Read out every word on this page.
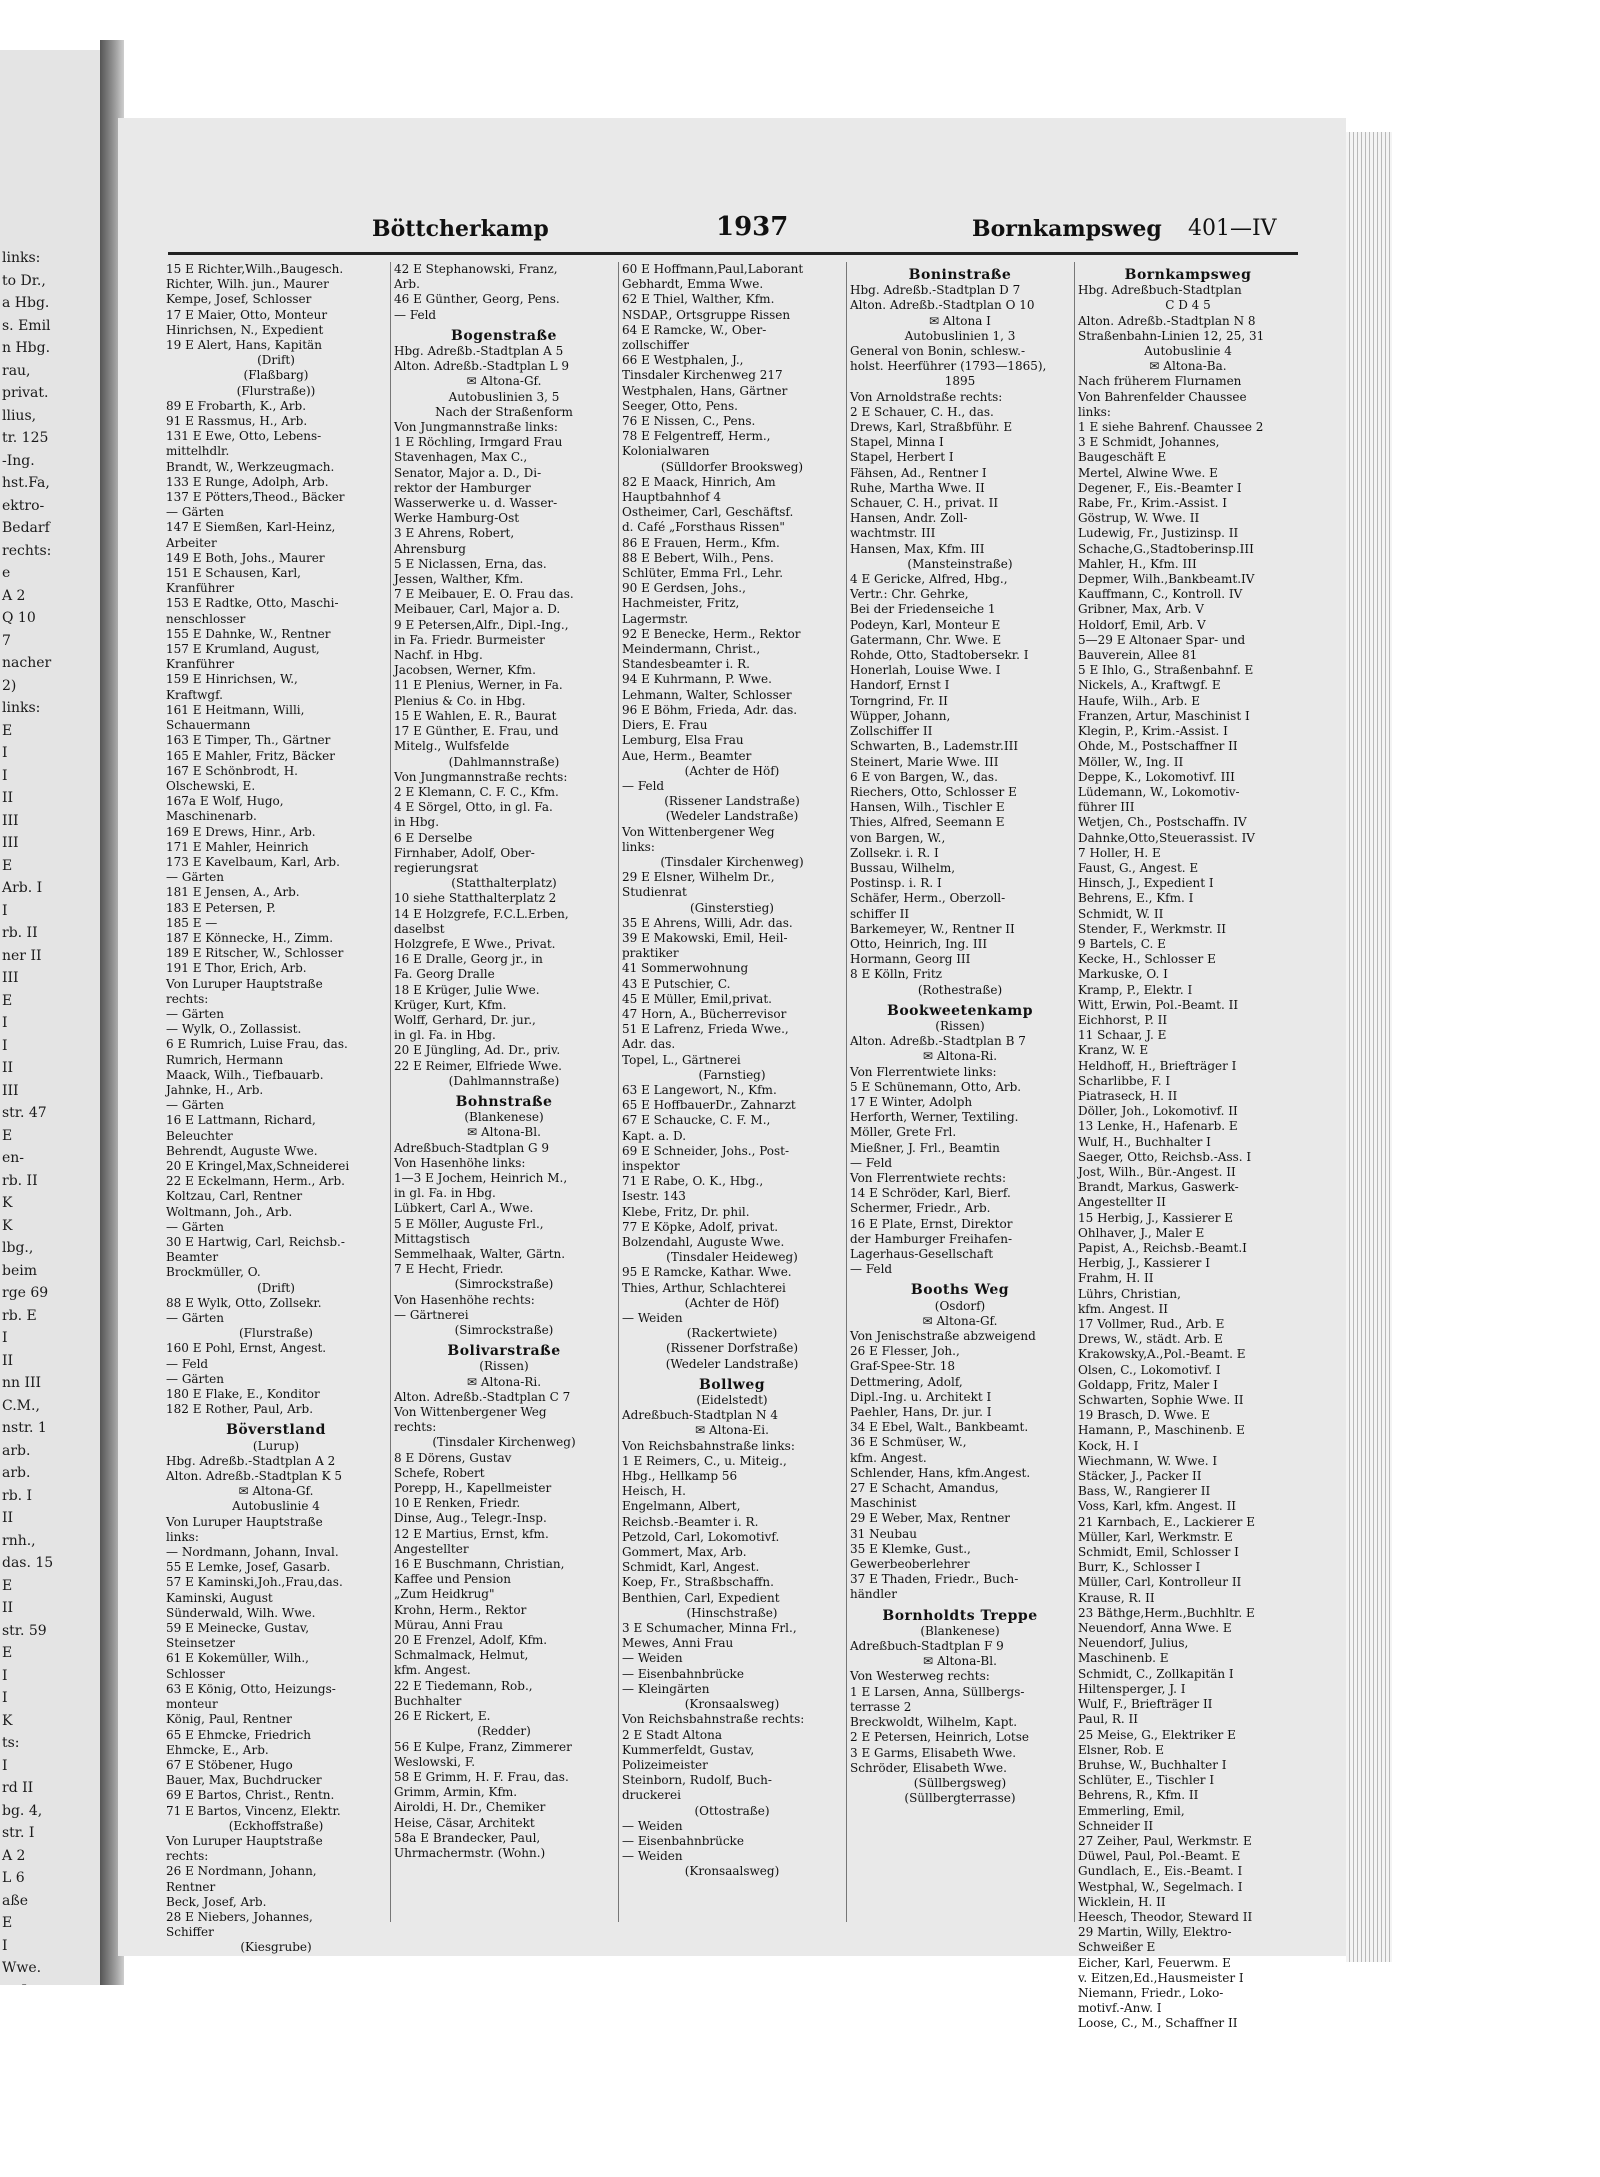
links:
to Dr.,
a Hbg.
s. Emil
n Hbg.
rau,
privat.
llius,
tr. 125
-Ing.
hst.Fa,
ektro-
Bedarf
rechts:
e
A 2
Q 10
7
nacher
2)
links:
E
I
I
II
III
III
E
Arb. I
I
rb. II
ner II
III
E
I
I
II
III
str. 47
E
en-
rb. II
K
K
lbg.,
beim
rge 69
rb. E
I
II
nn III
C.M.,
nstr. 1
arb.
arb.
rb. I
II
rnh.,
das. 15
E
II
str. 59
E
I
I
K
ts:
I
rd II
bg. 4,
str. I
A 2
L 6
aße
E
I
Wwe.
Böttcherkamp	1937	Bornkampsweg 401—IV
15 E Richter,Wilh.,Baugesch.
Richter, Wilh. jun., Maurer
Kempe, Josef, Schlosser
17 E Maier, Otto, Monteur
Hinrichsen, N., Expedient
19 E Alert, Hans, Kapitän
(Drift)
(Flaßbarg)
(Flurstraße))
89 E Frobarth, K., Arb.
91 E Rassmus, H., Arb.
131 E Ewe, Otto, Lebens-
mittelhdlr.
Brandt, W., Werkzeugmach.
133 E Runge, Adolph, Arb.
137 E Pötters,Theod., Bäcker
— Gärten
147 E Siemßen, Karl-Heinz,
Arbeiter
149 E Both, Johs., Maurer
151 E Schausen, Karl,
Kranführer
153 E Radtke, Otto, Maschi-
nenschlosser
155 E Dahnke, W., Rentner
157 E Krumland, August,
Kranführer
159 E Hinrichsen, W.,
Kraftwgf.
161 E Heitmann, Willi,
Schauermann
163 E Timper, Th., Gärtner
165 E Mahler, Fritz, Bäcker
167 E Schönbrodt, H.
Olschewski, E.
167a E Wolf, Hugo,
Maschinenarb.
169 E Drews, Hinr., Arb.
171 E Mahler, Heinrich
173 E Kavelbaum, Karl, Arb.
— Gärten
181 E Jensen, A., Arb.
183 E Petersen, P.
185 E —
187 E Könnecke, H., Zimm.
189 E Ritscher, W., Schlosser
191 E Thor, Erich, Arb.
Von Luruper Hauptstraße
rechts:
— Gärten
— Wylk, O., Zollassist.
6 E Rumrich, Luise Frau, das.
Rumrich, Hermann
Maack, Wilh., Tiefbauarb.
Jahnke, H., Arb.
— Gärten
16 E Lattmann, Richard,
Beleuchter
Behrendt, Auguste Wwe.
20 E Kringel,Max,Schneiderei
22 E Eckelmann, Herm., Arb.
Koltzau, Carl, Rentner
Woltmann, Joh., Arb.
— Gärten
30 E Hartwig, Carl, Reichsb.-
Beamter
Brockmüller, O.
(Drift)
88 E Wylk, Otto, Zollsekr.
— Gärten
(Flurstraße)
160 E Pohl, Ernst, Angest.
— Feld
— Gärten
180 E Flake, E., Konditor
182 E Rother, Paul, Arb.
Böverstland
(Lurup)
Hbg. Adreßb.-Stadtplan A 2
Alton. Adreßb.-Stadtplan K 5
✉ Altona-Gf.
Autobuslinie 4
Von Luruper Hauptstraße
links:
— Nordmann, Johann, Inval.
55 E Lemke, Josef, Gasarb.
57 E Kaminski,Joh.,Frau,das.
Kaminski, August
Sünderwald, Wilh. Wwe.
59 E Meinecke, Gustav,
Steinsetzer
61 E Kokemüller, Wilh.,
Schlosser
63 E König, Otto, Heizungs-
monteur
König, Paul, Rentner
65 E Ehmcke, Friedrich
Ehmcke, E., Arb.
67 E Stöbener, Hugo
Bauer, Max, Buchdrucker
69 E Bartos, Christ., Rentn.
71 E Bartos, Vincenz, Elektr.
(Eckhoffstraße)
Von Luruper Hauptstraße
rechts:
26 E Nordmann, Johann,
Rentner
Beck, Josef, Arb.
28 E Niebers, Johannes,
Schiffer
(Kiesgrube)
42 E Stephanowski, Franz,
Arb.
46 E Günther, Georg, Pens.
— Feld
Bogenstraße
Hbg. Adreßb.-Stadtplan A 5
Alton. Adreßb.-Stadtplan L 9
✉ Altona-Gf.
Autobuslinien 3, 5
Nach der Straßenform
Von Jungmannstraße links:
1 E Röchling, Irmgard Frau
Stavenhagen, Max C.,
Senator, Major a. D., Di-
rektor der Hamburger
Wasserwerke u. d. Wasser-
Werke Hamburg-Ost
3 E Ahrens, Robert,
Ahrensburg
5 E Niclassen, Erna, das.
Jessen, Walther, Kfm.
7 E Meibauer, E. O. Frau das.
Meibauer, Carl, Major a. D.
9 E Petersen,Alfr., Dipl.-Ing.,
in Fa. Friedr. Burmeister
Nachf. in Hbg.
Jacobsen, Werner, Kfm.
11 E Plenius, Werner, in Fa.
Plenius & Co. in Hbg.
15 E Wahlen, E. R., Baurat
17 E Günther, E. Frau, und
Mitelg., Wulfsfelde
(Dahlmannstraße)
Von Jungmannstraße rechts:
2 E Klemann, C. F. C., Kfm.
4 E Sörgel, Otto, in gl. Fa.
in Hbg.
6 E Derselbe
Firnhaber, Adolf, Ober-
regierungsrat
(Statthalterplatz)
10 siehe Statthalterplatz 2
14 E Holzgrefe, F.C.L.Erben,
daselbst
Holzgrefe, E Wwe., Privat.
16 E Dralle, Georg jr., in
Fa. Georg Dralle
18 E Krüger, Julie Wwe.
Krüger, Kurt, Kfm.
Wolff, Gerhard, Dr. jur.,
in gl. Fa. in Hbg.
20 E Jüngling, Ad. Dr., priv.
22 E Reimer, Elfriede Wwe.
(Dahlmannstraße)
Bohnstraße
(Blankenese)
✉ Altona-Bl.
Adreßbuch-Stadtplan G 9
Von Hasenhöhe links:
1—3 E Jochem, Heinrich M.,
in gl. Fa. in Hbg.
Lübkert, Carl A., Wwe.
5 E Möller, Auguste Frl.,
Mittagstisch
Semmelhaak, Walter, Gärtn.
7 E Hecht, Friedr.
(Simrockstraße)
Von Hasenhöhe rechts:
— Gärtnerei
(Simrockstraße)
Bolivarstraße
(Rissen)
✉ Altona-Ri.
Alton. Adreßb.-Stadtplan C 7
Von Wittenbergener Weg
rechts:
(Tinsdaler Kirchenweg)
8 E Dörens, Gustav
Schefe, Robert
Porepp, H., Kapellmeister
10 E Renken, Friedr.
Dinse, Aug., Telegr.-Insp.
12 E Martius, Ernst, kfm.
Angestellter
16 E Buschmann, Christian,
Kaffee und Pension
„Zum Heidkrug"
Krohn, Herm., Rektor
Mürau, Anni Frau
20 E Frenzel, Adolf, Kfm.
Schmalmack, Helmut,
kfm. Angest.
22 E Tiedemann, Rob.,
Buchhalter
26 E Rickert, E.
(Redder)
56 E Kulpe, Franz, Zimmerer
Weslowski, F.
58 E Grimm, H. F. Frau, das.
Grimm, Armin, Kfm.
Airoldi, H. Dr., Chemiker
Heise, Cäsar, Architekt
58a E Brandecker, Paul,
Uhrmachermstr. (Wohn.)
60 E Hoffmann,Paul,Laborant
Gebhardt, Emma Wwe.
62 E Thiel, Walther, Kfm.
NSDAP., Ortsgruppe Rissen
64 E Ramcke, W., Ober-
zollschiffer
66 E Westphalen, J.,
Tinsdaler Kirchenweg 217
Westphalen, Hans, Gärtner
Seeger, Otto, Pens.
76 E Nissen, C., Pens.
78 E Felgentreff, Herm.,
Kolonialwaren
(Sülldorfer Brooksweg)
82 E Maack, Hinrich, Am
Hauptbahnhof 4
Ostheimer, Carl, Geschäftsf.
d. Café „Forsthaus Rissen"
86 E Frauen, Herm., Kfm.
88 E Bebert, Wilh., Pens.
Schlüter, Emma Frl., Lehr.
90 E Gerdsen, Johs.,
Hachmeister, Fritz,
Lagermstr.
92 E Benecke, Herm., Rektor
Meindermann, Christ.,
Standesbeamter i. R.
94 E Kuhrmann, P. Wwe.
Lehmann, Walter, Schlosser
96 E Böhm, Frieda, Adr. das.
Diers, E. Frau
Lemburg, Elsa Frau
Aue, Herm., Beamter
(Achter de Höf)
— Feld
(Rissener Landstraße)
(Wedeler Landstraße)
Von Wittenbergener Weg
links:
(Tinsdaler Kirchenweg)
29 E Elsner, Wilhelm Dr.,
Studienrat
(Ginsterstieg)
35 E Ahrens, Willi, Adr. das.
39 E Makowski, Emil, Heil-
praktiker
41 Sommerwohnung
43 E Putschier, C.
45 E Müller, Emil,privat.
47 Horn, A., Bücherrevisor
51 E Lafrenz, Frieda Wwe.,
Adr. das.
Topel, L., Gärtnerei
(Farnstieg)
63 E Langewort, N., Kfm.
65 E HoffbauerDr., Zahnarzt
67 E Schaucke, C. F. M.,
Kapt. a. D.
69 E Schneider, Johs., Post-
inspektor
71 E Rabe, O. K., Hbg.,
Isestr. 143
Klebe, Fritz, Dr. phil.
77 E Köpke, Adolf, privat.
Bolzendahl, Auguste Wwe.
(Tinsdaler Heideweg)
95 E Ramcke, Kathar. Wwe.
Thies, Arthur, Schlachterei
(Achter de Höf)
— Weiden
(Rackertwiete)
(Rissener Dorfstraße)
(Wedeler Landstraße)
Bollweg
(Eidelstedt)
Adreßbuch-Stadtplan N 4
✉ Altona-Ei.
Von Reichsbahnstraße links:
1 E Reimers, C., u. Miteig.,
Hbg., Hellkamp 56
Heisch, H.
Engelmann, Albert,
Reichsb.-Beamter i. R.
Petzold, Carl, Lokomotivf.
Gommert, Max, Arb.
Schmidt, Karl, Angest.
Koep, Fr., Straßbschaffn.
Benthien, Carl, Expedient
(Hinschstraße)
3 E Schumacher, Minna Frl.,
Mewes, Anni Frau
— Weiden
— Eisenbahnbrücke
— Kleingärten
(Kronsaalsweg)
Von Reichsbahnstraße rechts:
2 E Stadt Altona
Kummerfeldt, Gustav,
Polizeimeister
Steinborn, Rudolf, Buch-
druckerei
(Ottostraße)
— Weiden
— Eisenbahnbrücke
— Weiden
(Kronsaalsweg)
Boninstraße
Hbg. Adreßb.-Stadtplan D 7
Alton. Adreßb.-Stadtplan O 10
✉ Altona I
Autobuslinien 1, 3
General von Bonin, schlesw.-
holst. Heerführer (1793—1865),
1895
Von Arnoldstraße rechts:
2 E Schauer, C. H., das.
Drews, Karl, Straßbführ. E
Stapel, Minna I
Stapel, Herbert I
Fähsen, Ad., Rentner I
Ruhe, Martha Wwe. II
Schauer, C. H., privat. II
Hansen, Andr. Zoll-
wachtmstr. III
Hansen, Max, Kfm. III
(Mansteinstraße)
4 E Gericke, Alfred, Hbg.,
Vertr.: Chr. Gehrke,
Bei der Friedenseiche 1
Podeyn, Karl, Monteur E
Gatermann, Chr. Wwe. E
Rohde, Otto, Stadtobersekr. I
Honerlah, Louise Wwe. I
Handorf, Ernst I
Torngrind, Fr. II
Wüpper, Johann,
Zollschiffer II
Schwarten, B., Lademstr.III
Steinert, Marie Wwe. III
6 E von Bargen, W., das.
Riechers, Otto, Schlosser E
Hansen, Wilh., Tischler E
Thies, Alfred, Seemann E
von Bargen, W.,
Zollsekr. i. R. I
Bussau, Wilhelm,
Postinsp. i. R. I
Schäfer, Herm., Oberzoll-
schiffer II
Barkemeyer, W., Rentner II
Otto, Heinrich, Ing. III
Hormann, Georg III
8 E Kölln, Fritz
(Rothestraße)
Bookweetenkamp
(Rissen)
Alton. Adreßb.-Stadtplan B 7
✉ Altona-Ri.
Von Flerrentwiete links:
5 E Schünemann, Otto, Arb.
17 E Winter, Adolph
Herforth, Werner, Textiling.
Möller, Grete Frl.
Mießner, J. Frl., Beamtin
— Feld
Von Flerrentwiete rechts:
14 E Schröder, Karl, Bierf.
Schermer, Friedr., Arb.
16 E Plate, Ernst, Direktor
der Hamburger Freihafen-
Lagerhaus-Gesellschaft
— Feld
Booths Weg
(Osdorf)
✉ Altona-Gf.
Von Jenischstraße abzweigend
26 E Flesser, Joh.,
Graf-Spee-Str. 18
Dettmering, Adolf,
Dipl.-Ing. u. Architekt I
Paehler, Hans, Dr. jur. I
34 E Ebel, Walt., Bankbeamt.
36 E Schmüser, W.,
kfm. Angest.
Schlender, Hans, kfm.Angest.
27 E Schacht, Amandus,
Maschinist
29 E Weber, Max, Rentner
31 Neubau
35 E Klemke, Gust.,
Gewerbeoberlehrer
37 E Thaden, Friedr., Buch-
händler
Bornholdts Treppe
(Blankenese)
Adreßbuch-Stadtplan F 9
✉ Altona-Bl.
Von Westerweg rechts:
1 E Larsen, Anna, Süllbergs-
terrasse 2
Breckwoldt, Wilhelm, Kapt.
2 E Petersen, Heinrich, Lotse
3 E Garms, Elisabeth Wwe.
Schröder, Elisabeth Wwe.
(Süllbergsweg)
(Süllbergterrasse)
Bornkampsweg
Hbg. Adreßbuch-Stadtplan
C D 4 5
Alton. Adreßb.-Stadtplan N 8
Straßenbahn-Linien 12, 25, 31
Autobuslinie 4
✉ Altona-Ba.
Nach früherem Flurnamen
Von Bahrenfelder Chaussee
links:
1 E siehe Bahrenf. Chaussee 2
3 E Schmidt, Johannes,
Baugeschäft E
Mertel, Alwine Wwe. E
Degener, F., Eis.-Beamter I
Rabe, Fr., Krim.-Assist. I
Göstrup, W. Wwe. II
Ludewig, Fr., Justizinsp. II
Schache,G.,Stadtoberinsp.III
Mahler, H., Kfm. III
Depmer, Wilh.,Bankbeamt.IV
Kauffmann, C., Kontroll. IV
Gribner, Max, Arb. V
Holdorf, Emil, Arb. V
5—29 E Altonaer Spar- und
Bauverein, Allee 81
5 E Ihlo, G., Straßenbahnf. E
Nickels, A., Kraftwgf. E
Haufe, Wilh., Arb. E
Franzen, Artur, Maschinist I
Klegin, P., Krim.-Assist. I
Ohde, M., Postschaffner II
Möller, W., Ing. II
Deppe, K., Lokomotivf. III
Lüdemann, W., Lokomotiv-
führer III
Wetjen, Ch., Postschaffn. IV
Dahnke,Otto,Steuerassist. IV
7 Holler, H. E
Faust, G., Angest. E
Hinsch, J., Expedient I
Behrens, E., Kfm. I
Schmidt, W. II
Stender, F., Werkmstr. II
9 Bartels, C. E
Kecke, H., Schlosser E
Markuske, O. I
Kramp, P., Elektr. I
Witt, Erwin, Pol.-Beamt. II
Eichhorst, P. II
11 Schaar, J. E
Kranz, W. E
Heldhoff, H., Briefträger I
Scharlibbe, F. I
Piatraseck, H. II
Döller, Joh., Lokomotivf. II
13 Lenke, H., Hafenarb. E
Wulf, H., Buchhalter I
Saeger, Otto, Reichsb.-Ass. I
Jost, Wilh., Bür.-Angest. II
Brandt, Markus, Gaswerk-
Angestellter II
15 Herbig, J., Kassierer E
Ohlhaver, J., Maler E
Papist, A., Reichsb.-Beamt.I
Herbig, J., Kassierer I
Frahm, H. II
Lührs, Christian,
kfm. Angest. II
17 Vollmer, Rud., Arb. E
Drews, W., städt. Arb. E
Krakowsky,A.,Pol.-Beamt. E
Olsen, C., Lokomotivf. I
Goldapp, Fritz, Maler I
Schwarten, Sophie Wwe. II
19 Brasch, D. Wwe. E
Hamann, P., Maschinenb. E
Kock, H. I
Wiechmann, W. Wwe. I
Stäcker, J., Packer II
Bass, W., Rangierer II
Voss, Karl, kfm. Angest. II
21 Karnbach, E., Lackierer E
Müller, Karl, Werkmstr. E
Schmidt, Emil, Schlosser I
Burr, K., Schlosser I
Müller, Carl, Kontrolleur II
Krause, R. II
23 Bäthge,Herm.,Buchhltr. E
Neuendorf, Anna Wwe. E
Neuendorf, Julius,
Maschinenb. E
Schmidt, C., Zollkapitän I
Hiltensperger, J. I
Wulf, F., Briefträger II
Paul, R. II
25 Meise, G., Elektriker E
Elsner, Rob. E
Bruhse, W., Buchhalter I
Schlüter, E., Tischler I
Behrens, R., Kfm. II
Emmerling, Emil,
Schneider II
27 Zeiher, Paul, Werkmstr. E
Düwel, Paul, Pol.-Beamt. E
Gundlach, E., Eis.-Beamt. I
Westphal, W., Segelmach. I
Wicklein, H. II
Heesch, Theodor, Steward II
29 Martin, Willy, Elektro-
Schweißer E
Eicher, Karl, Feuerwm. E
v. Eitzen,Ed.,Hausmeister I
Niemann, Friedr., Loko-
motivf.-Anw. I
Loose, C., M., Schaffner II
